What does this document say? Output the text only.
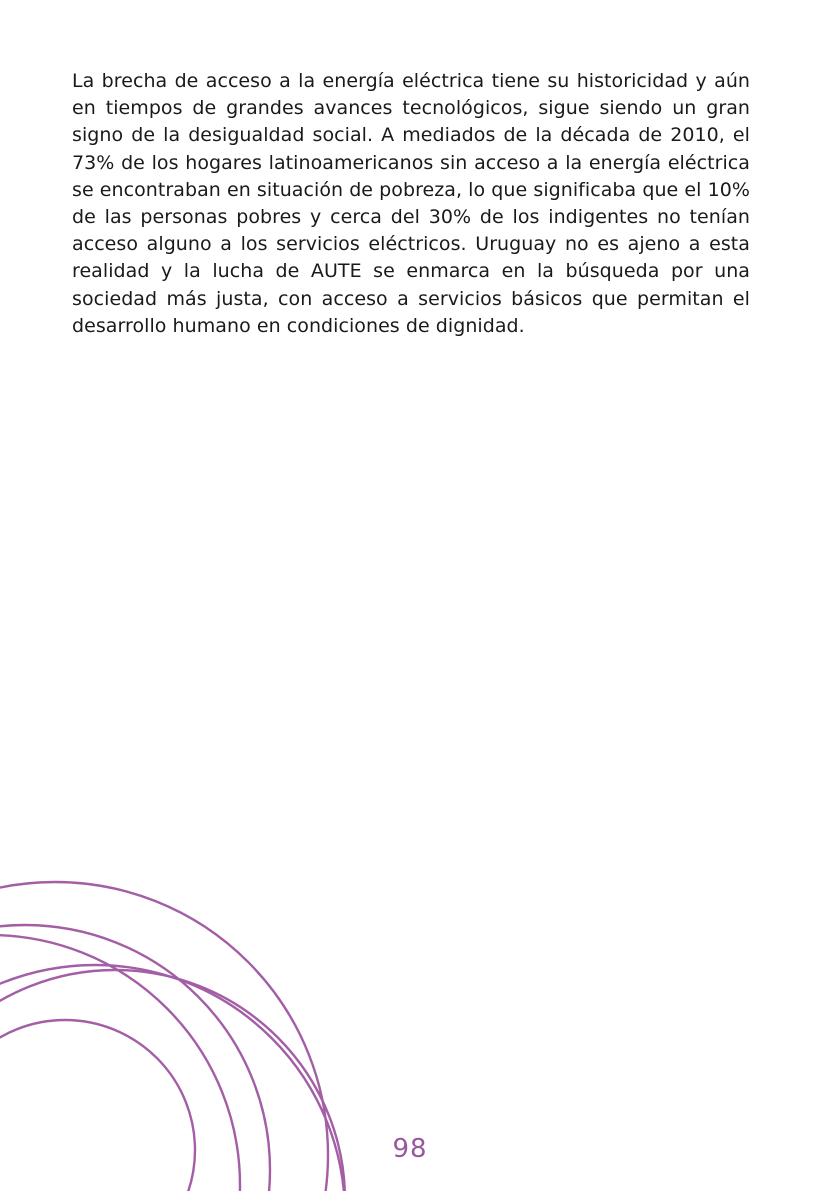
La brecha de acceso a la energía eléctrica tiene su historicidad y aún en tiempos de grandes avances tecnológicos, sigue siendo un gran signo de la desigualdad social. A mediados de la década de 2010, el 73% de los hogares latinoamericanos sin acceso a la energía eléctrica se encontraban en situación de pobreza, lo que significaba que el 10% de las personas pobres y cerca del 30% de los indigentes no tenían acceso alguno a los servicios eléctricos. Uruguay no es ajeno a esta realidad y la lucha de AUTE se enmarca en la búsqueda por una sociedad más justa, con acceso a servicios básicos que permitan el desarrollo humano en condiciones de dignidad.

98
